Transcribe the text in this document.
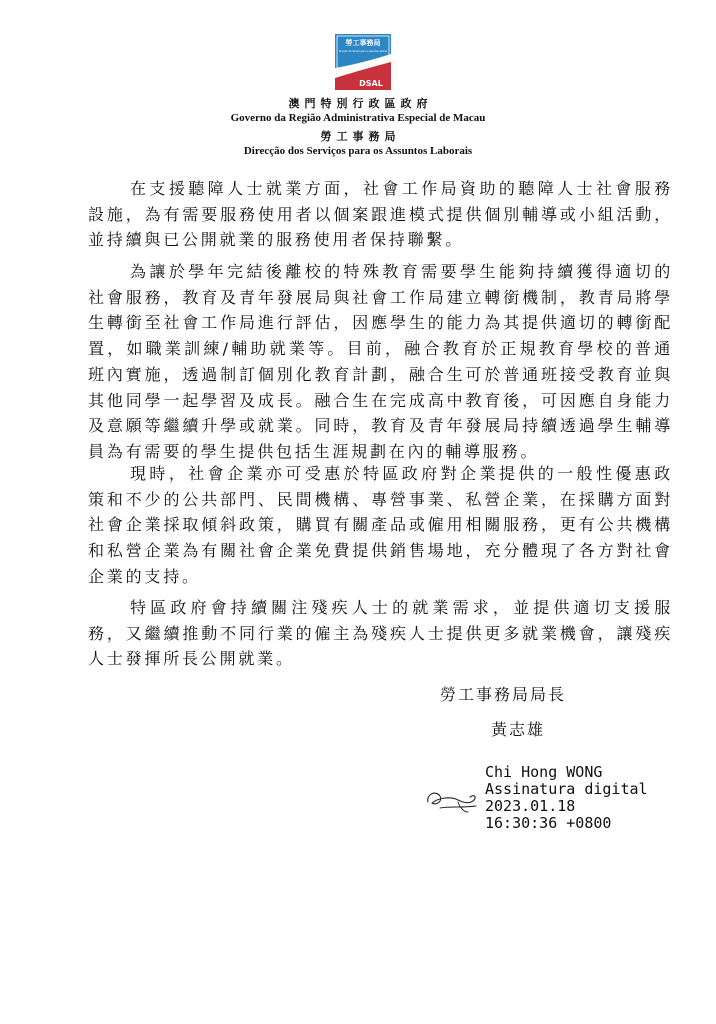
勞工事務局
Direcção dos Serviços para os Assuntos Laborais
DSAL
澳門特別行政區政府
Governo da Região Administrativa Especial de Macau
勞工事務局
Direcção dos Serviços para os Assuntos Laborais

在支援聽障人士就業方面，社會工作局資助的聽障人士社會服務設施，為有需要服務使用者以個案跟進模式提供個別輔導或小組活動，並持續與已公開就業的服務使用者保持聯繫。

為讓於學年完結後離校的特殊教育需要學生能夠持續獲得適切的社會服務，教育及青年發展局與社會工作局建立轉銜機制，教青局將學生轉銜至社會工作局進行評估，因應學生的能力為其提供適切的轉銜配置，如職業訓練/輔助就業等。目前，融合教育於正規教育學校的普通班內實施，透過制訂個別化教育計劃，融合生可於普通班接受教育並與其他同學一起學習及成長。融合生在完成高中教育後，可因應自身能力及意願等繼續升學或就業。同時，教育及青年發展局持續透過學生輔導員為有需要的學生提供包括生涯規劃在內的輔導服務。

現時，社會企業亦可受惠於特區政府對企業提供的一般性優惠政策和不少的公共部門、民間機構、專營事業、私營企業，在採購方面對社會企業採取傾斜政策，購買有關產品或僱用相關服務，更有公共機構和私營企業為有關社會企業免費提供銷售場地，充分體現了各方對社會企業的支持。

特區政府會持續關注殘疾人士的就業需求，並提供適切支援服務，又繼續推動不同行業的僱主為殘疾人士提供更多就業機會，讓殘疾人士發揮所長公開就業。

勞工事務局局長
黃志雄
Chi Hong WONG
Assinatura digital
2023.01.18
16:30:36 +0800
